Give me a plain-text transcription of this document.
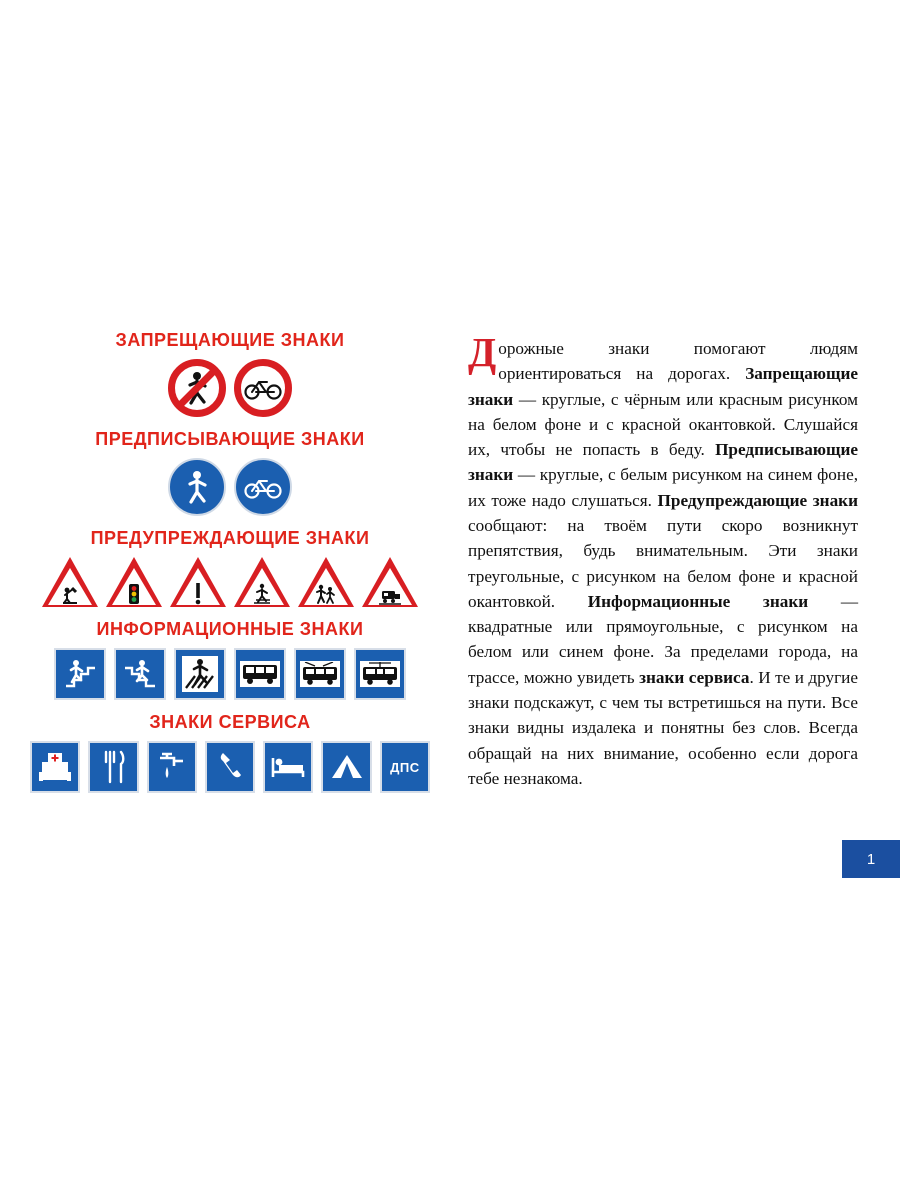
ЗАПРЕЩАЮЩИЕ ЗНАКИ
ПРЕДПИСЫВАЮЩИЕ ЗНАКИ
ПРЕДУПРЕЖДАЮЩИЕ ЗНАКИ
ИНФОРМАЦИОННЫЕ ЗНАКИ
ЗНАКИ СЕРВИСА
ДПС

Дорожные знаки помогают людям ориентироваться на дорогах. Запрещающие знаки — круглые, с чёрным или красным рисунком на белом фоне и с красной окантовкой. Слушайся их, чтобы не попасть в беду. Предписывающие знаки — круглые, с белым рисунком на синем фоне, их тоже надо слушаться. Предупреждающие знаки сообщают: на твоём пути скоро возникнут препятствия, будь внимательным. Эти знаки треугольные, с рисунком на белом фоне и красной окантовкой. Информационные знаки — квадратные или прямоугольные, с рисунком на белом или синем фоне. За пределами города, на трассе, можно увидеть знаки сервиса. И те и другие знаки подскажут, с чем ты встретишься на пути. Все знаки видны издалека и понятны без слов. Всегда обращай на них внимание, особенно если дорога тебе незнакома.

1
